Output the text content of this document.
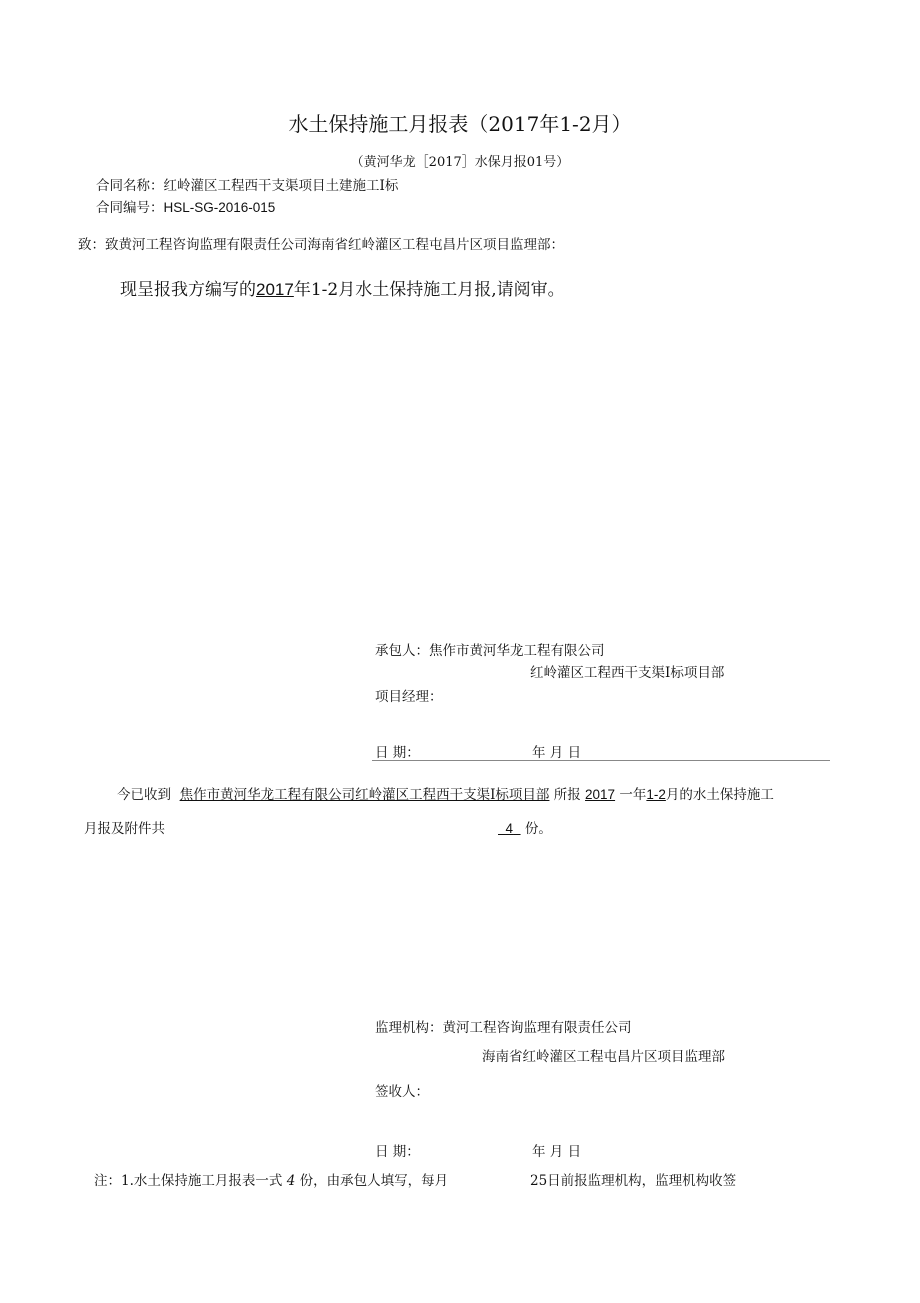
水土保持施工月报表（2017年1-2月）
（黄河华龙［2017］水保月报01号）
合同名称：红岭灌区工程西干支渠项目土建施工I标
合同编号：HSL-SG-2016-015
致：致黄河工程咨询监理有限责任公司海南省红岭灌区工程屯昌片区项目监理部：
现呈报我方编写的2017年1-2月水土保持施工月报,请阅审。
承包人：焦作市黄河华龙工程有限公司
红岭灌区工程西干支渠I标项目部
项目经理：
日 期：	年 月 日
今已收到 焦作市黄河华龙工程有限公司红岭灌区工程西干支渠I标项目部 所报 2017 一年1-2月的水土保持施工
月报及附件共	4 份。
监理机构：黄河工程咨询监理有限责任公司
海南省红岭灌区工程屯昌片区项目监理部
签收人：
日 期：	年 月 日
注：1.水土保持施工月报表一式 4 份，由承包人填写，每月	25日前报监理机构，监理机构收签
